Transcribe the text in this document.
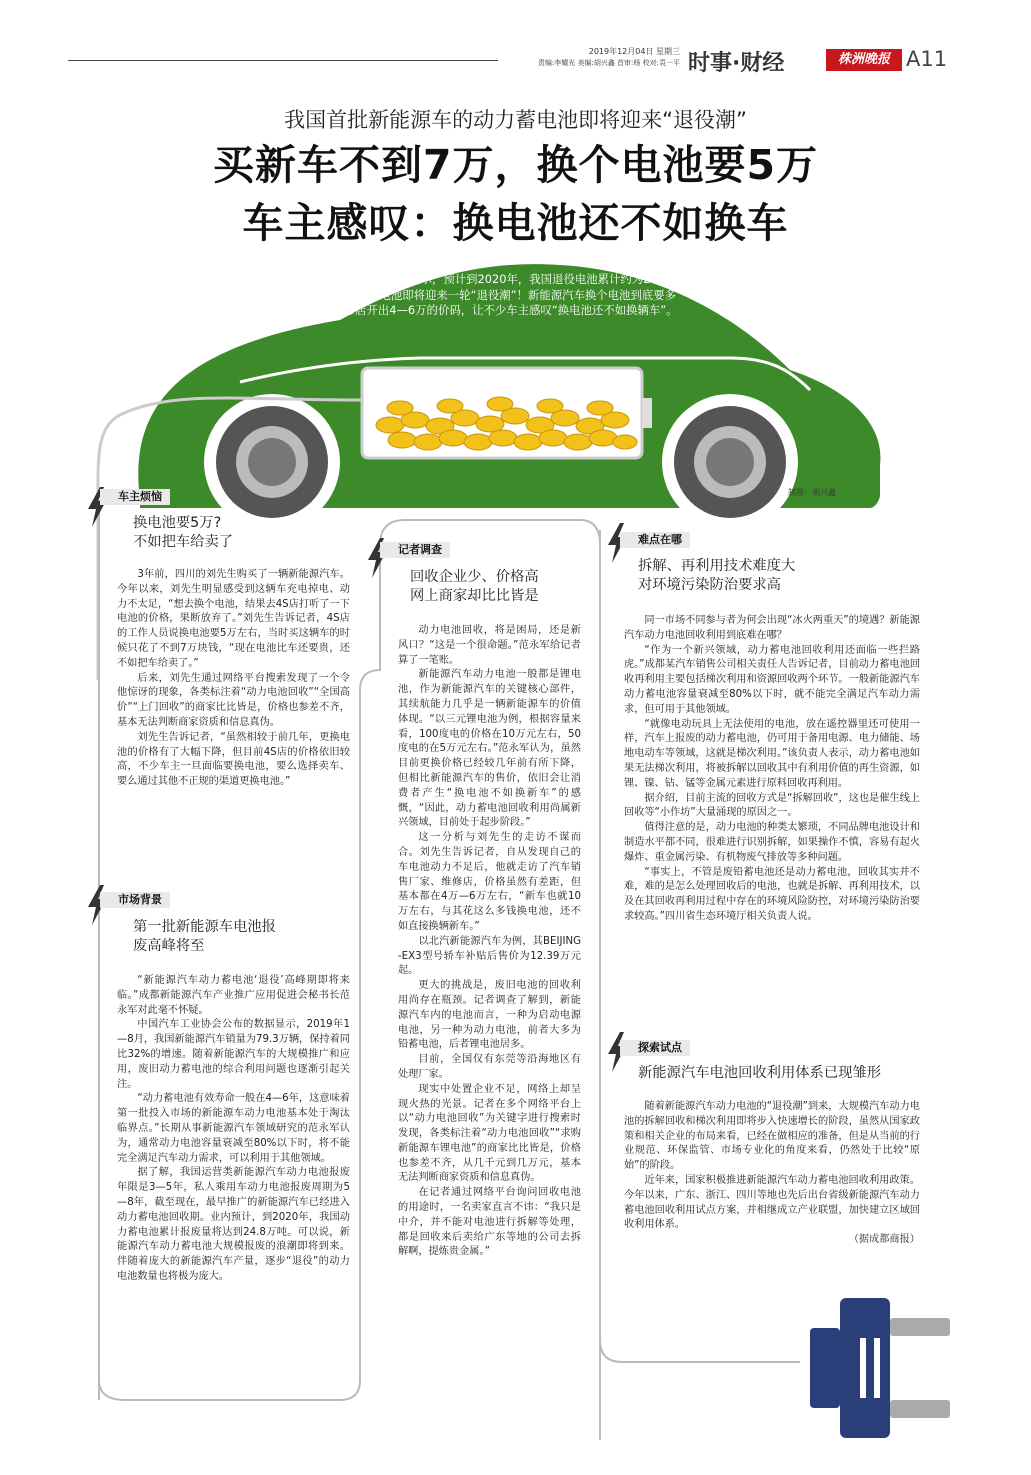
2019年12月04日 星期三
责编:李耀光 美编:胡兴鑫 首审:杨 校对:袁一平 时事·财经	株洲晚报 A11
我国首批新能源车的动力蓄电池即将迎来“退役潮”
买新车不到7万，换个电池要5万
车主感叹：换电池还不如换车
据新能源汽车国家大数据联盟的数据显示，预计到2020年，我国退役电池累计约为20万吨。我国首批新能源车的动力蓄电池即将迎来一轮“退役潮”！新能源汽车换个电池到底要多少钱？成都厂家和汽车维修店开出4—6万的价码，让不少车主感叹“换电池还不如换辆车”。
制图：胡兴鑫
车主烦恼
换电池要5万?
不如把车给卖了

3年前，四川的刘先生购买了一辆新能源汽车。今年以来，刘先生明显感受到这辆车充电掉电、动力不太足，“想去换个电池，结果去4S店打听了一下电池的价格，果断放弃了。”刘先生告诉记者，4S店的工作人员说换电池要5万左右，当时买这辆车的时候只花了不到7万块钱，“现在电池比车还要贵，还不如把车给卖了。”

后来，刘先生通过网络平台搜索发现了一个令他惊讶的现象，各类标注着“动力电池回收”“全国高价”“上门回收”的商家比比皆是，价格也参差不齐，基本无法判断商家资质和信息真伪。

刘先生告诉记者，“虽然相较于前几年，更换电池的价格有了大幅下降，但目前4S店的价格依旧较高，不少车主一旦面临要换电池，要么选择卖车、要么通过其他不正规的渠道更换电池。”

市场背景
第一批新能源车电池报
废高峰将至

“新能源汽车动力蓄电池‘退役’高峰期即将来临。”成都新能源汽车产业推广应用促进会秘书长范永军对此毫不怀疑。

中国汽车工业协会公布的数据显示，2019年1—8月，我国新能源汽车销量为79.3万辆，保持着同比32%的增速。随着新能源汽车的大规模推广和应用，废旧动力蓄电池的综合利用问题也逐渐引起关注。

“动力蓄电池有效寿命一般在4—6年，这意味着第一批投入市场的新能源车动力电池基本处于淘汰临界点。”长期从事新能源汽车领域研究的范永军认为，通常动力电池容量衰减至80%以下时，将不能完全满足汽车动力需求，可以利用于其他领域。

据了解，我国运营类新能源汽车动力电池报废年限是3—5年，私人乘用车动力电池报废周期为5—8年，截至现在，最早推广的新能源汽车已经进入动力蓄电池回收期。业内预计，到2020年，我国动力蓄电池累计报废量将达到24.8万吨。可以说，新能源汽车动力蓄电池大规模报废的浪潮即将到来。伴随着庞大的新能源汽车产量，逐步“退役”的动力电池数量也将极为庞大。

记者调查
回收企业少、价格高
网上商家却比比皆是

动力电池回收，将是困局，还是新风口？“这是一个很命题。”范永军给记者算了一笔账。

新能源汽车动力电池一般都是锂电池，作为新能源汽车的关键核心部件，其续航能力几乎是一辆新能源车的价值体现。“以三元锂电池为例，根据容量来看，100度电的价格在10万元左右，50度电的在5万元左右。”范永军认为，虽然目前更换价格已经较几年前有所下降，但相比新能源汽车的售价，依旧会让消费者产生“换电池不如换新车”的感慨，“因此，动力蓄电池回收利用尚属新兴领域，目前处于起步阶段。”

这一分析与刘先生的走访不谋而合。刘先生告诉记者，自从发现自己的车电池动力不足后，他就走访了汽车销售厂家、维修店，价格虽然有差距，但基本都在4万—6万左右，“新车也就10万左右，与其花这么多钱换电池，还不如直接换辆新车。”

以北汽新能源汽车为例，其BEIJING-EX3型号轿车补贴后售价为12.39万元起。

更大的挑战是，废旧电池的回收利用尚存在瓶颈。记者调查了解到，新能源汽车内的电池而言，一种为启动电源电池，另一种为动力电池，前者大多为铅蓄电池，后者锂电池居多。

目前，全国仅有东莞等沿海地区有处理厂家。

现实中处置企业不足，网络上却呈现火热的光景。记者在多个网络平台上以“动力电池回收”为关键字进行搜索时发现，各类标注着“动力电池回收”“求购新能源车锂电池”的商家比比皆是，价格也参差不齐，从几千元到几万元，基本无法判断商家资质和信息真伪。

在记者通过网络平台询问回收电池的用途时，一名卖家直言不讳：“我只是中介，并不能对电池进行拆解等处理，都是回收来后卖给广东等地的公司去拆解啊，提炼贵金属。”

难点在哪
拆解、再利用技术难度大
对环境污染防治要求高

同一市场不同参与者为何会出现“冰火两重天”的境遇？新能源汽车动力电池回收利用到底难在哪？

“作为一个新兴领域，动力蓄电池回收利用还面临一些拦路虎。”成都某汽车销售公司相关责任人告诉记者，目前动力蓄电池回收再利用主要包括梯次利用和资源回收两个环节。一般新能源汽车动力蓄电池容量衰减至80%以下时，就不能完全满足汽车动力需求，但可用于其他领域。

“就像电动玩具上无法使用的电池，放在遥控器里还可使用一样，汽车上报废的动力蓄电池，仍可用于备用电源、电力储能、场地电动车等领域，这就是梯次利用。”该负责人表示，动力蓄电池如果无法梯次利用，将被拆解以回收其中有利用价值的再生资源，如锂、镍、钴、锰等金属元素进行原料回收再利用。

据介绍，目前主流的回收方式是“拆解回收”，这也是催生线上回收等“小作坊”大量涌现的原因之一。

值得注意的是，动力电池的种类太繁琐，不同品牌电池设计和制造水平都不同，很难进行识别拆解，如果操作不慎，容易有起火爆炸、重金属污染、有机物废气排放等多种问题。

“事实上，不管是废铅蓄电池还是动力蓄电池，回收其实并不难，难的是怎么处理回收后的电池，也就是拆解、再利用技术，以及在其回收再利用过程中存在的环境风险防控，对环境污染防治要求较高。”四川省生态环境厅相关负责人说。

探索试点
新能源汽车电池回收利用体系已现雏形

随着新能源汽车动力电池的“退役潮”到来，大规模汽车动力电池的拆解回收和梯次利用即将步入快速增长的阶段，虽然从国家政策和相关企业的布局来看，已经在做相应的准备，但是从当前的行业规范、环保监管、市场专业化的角度来看，仍然处于比较“原始”的阶段。

近年来，国家积极推进新能源汽车动力蓄电池回收利用政策。今年以来，广东、浙江、四川等地也先后出台省级新能源汽车动力蓄电池回收利用试点方案，并相继成立产业联盟，加快建立区域回收利用体系。

（据成都商报）
